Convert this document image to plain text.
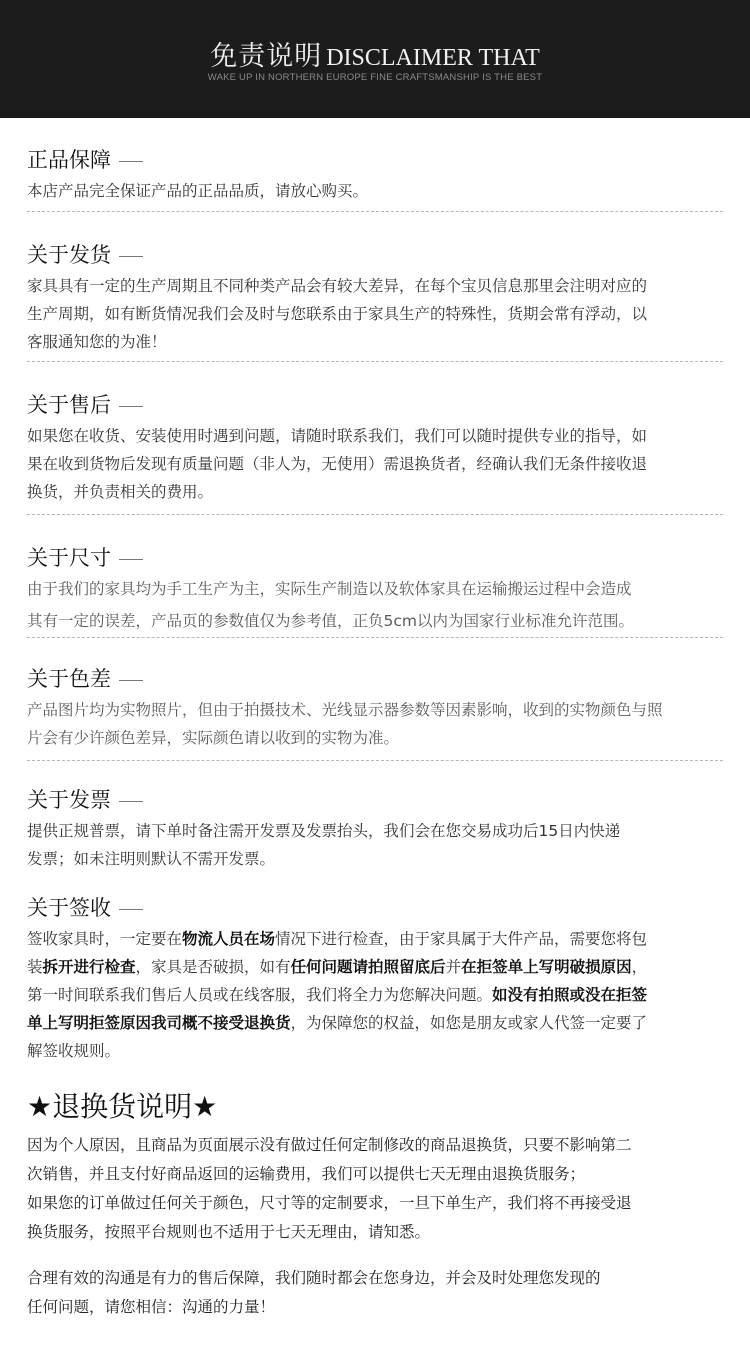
免责说明 DISCLAIMER THAT
WAKE UP IN NORTHERN EUROPE FINE CRAFTSMANSHIP IS THE BEST
正品保障
本店产品完全保证产品的正品品质，请放心购买。
关于发货
家具具有一定的生产周期且不同种类产品会有较大差异，在每个宝贝信息那里会注明对应的
生产周期，如有断货情况我们会及时与您联系由于家具生产的特殊性，货期会常有浮动，以
客服通知您的为准！
关于售后
如果您在收货、安装使用时遇到问题，请随时联系我们，我们可以随时提供专业的指导，如
果在收到货物后发现有质量问题（非人为，无使用）需退换货者，经确认我们无条件接收退
换货，并负责相关的费用。
关于尺寸
由于我们的家具均为手工生产为主，实际生产制造以及软体家具在运输搬运过程中会造成
其有一定的误差，产品页的参数值仅为参考值，正负5cm以内为国家行业标准允许范围。
关于色差
产品图片均为实物照片，但由于拍摄技术、光线显示器参数等因素影响，收到的实物颜色与照
片会有少许颜色差异，实际颜色请以收到的实物为准。
关于发票
提供正规普票，请下单时备注需开发票及发票抬头，我们会在您交易成功后15日内快递
发票；如未注明则默认不需开发票。
关于签收
签收家具时，一定要在物流人员在场情况下进行检查，由于家具属于大件产品，需要您将包
装拆开进行检查，家具是否破损，如有任何问题请拍照留底后并在拒签单上写明破损原因，
第一时间联系我们售后人员或在线客服，我们将全力为您解决问题。如没有拍照或没在拒签
单上写明拒签原因我司概不接受退换货，为保障您的权益，如您是朋友或家人代签一定要了
解签收规则。
★退换货说明★
因为个人原因，且商品为页面展示没有做过任何定制修改的商品退换货，只要不影响第二
次销售，并且支付好商品返回的运输费用，我们可以提供七天无理由退换货服务；
如果您的订单做过任何关于颜色，尺寸等的定制要求，一旦下单生产，我们将不再接受退
换货服务，按照平台规则也不适用于七天无理由，请知悉。
合理有效的沟通是有力的售后保障，我们随时都会在您身边，并会及时处理您发现的
任何问题，请您相信：沟通的力量！
